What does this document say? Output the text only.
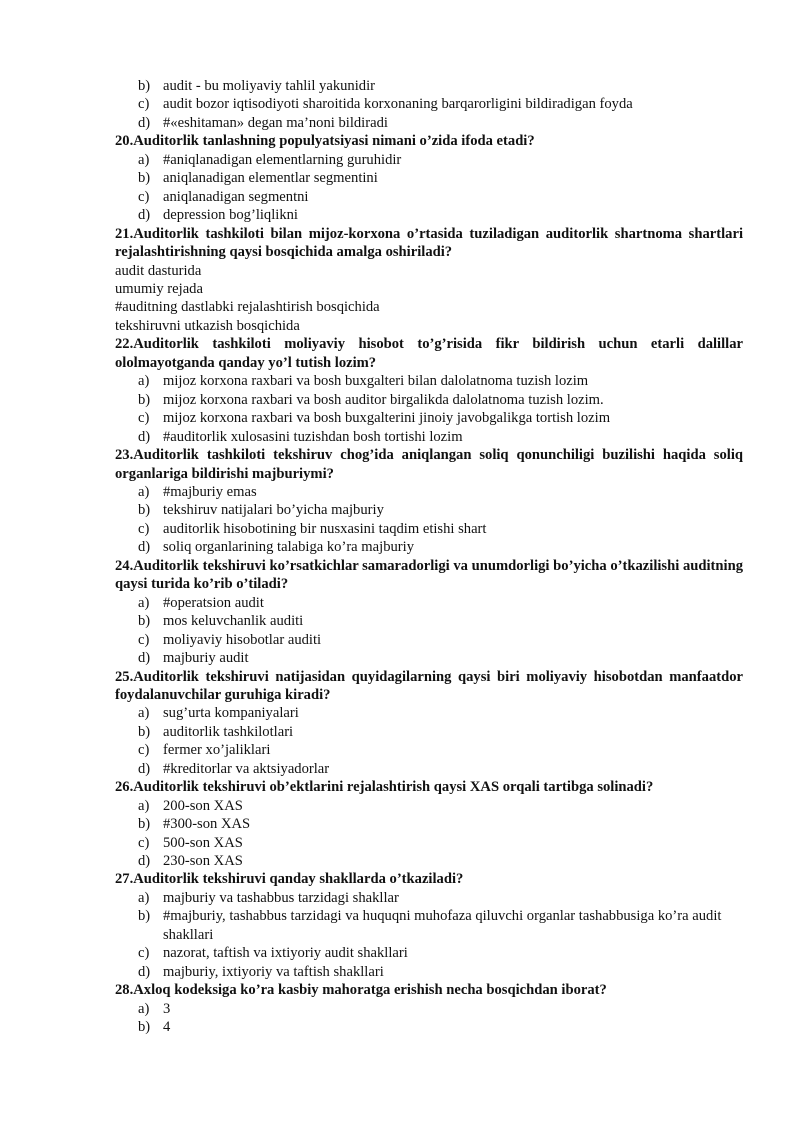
b) audit - bu moliyaviy tahlil yakunidir
c) audit bozor iqtisodiyoti sharoitida korxonaning barqarorligini bildiradigan foyda
d) #«eshitaman» degan ma’noni bildiradi
20.Auditorlik tanlashning populyatsiyasi nimani o’zida ifoda etadi?
a) #aniqlanadigan elementlarning guruhidir
b) aniqlanadigan elementlar segmentini
c) aniqlanadigan segmentni
d) depression bog’liqlikni
21.Auditorlik tashkiloti bilan mijoz-korxona o’rtasida tuziladigan auditorlik shartnoma shartlari rejalashtirishning qaysi bosqichida amalga oshiriladi?
audit dasturida
umumiy rejada
#auditning dastlabki rejalashtirish bosqichida
tekshiruvni utkazish bosqichida
22.Auditorlik tashkiloti moliyaviy hisobot to’g’risida fikr bildirish uchun etarli dalillar ololmayotganda qanday yo’l tutish lozim?
a) mijoz korxona raxbari va bosh buxgalteri bilan dalolatnoma tuzish lozim
b) mijoz korxona raxbari va bosh auditor birgalikda dalolatnoma tuzish lozim.
c) mijoz korxona raxbari va bosh buxgalterini jinoiy javobgalikga tortish lozim
d) #auditorlik xulosasini tuzishdan bosh tortishi lozim
23.Auditorlik tashkiloti tekshiruv chog’ida aniqlangan soliq qonunchiligi buzilishi haqida soliq organlariga bildirishi majburiymi?
a) #majburiy emas
b) tekshiruv natijalari bo’yicha majburiy
c) auditorlik hisobotining bir nusxasini taqdim etishi shart
d) soliq organlarining talabiga ko’ra majburiy
24.Auditorlik tekshiruvi ko’rsatkichlar samaradorligi va unumdorligi bo’yicha o’tkazilishi auditning qaysi turida ko’rib o’tiladi?
a) #operatsion audit
b) mos keluvchanlik auditi
c) moliyaviy hisobotlar auditi
d) majburiy audit
25.Auditorlik tekshiruvi natijasidan quyidagilarning qaysi biri moliyaviy hisobotdan manfaatdor foydalanuvchilar guruhiga kiradi?
a) sug’urta kompaniyalari
b) auditorlik tashkilotlari
c) fermer xo’jaliklari
d) #kreditorlar va aktsiyadorlar
26.Auditorlik tekshiruvi ob’ektlarini rejalashtirish qaysi XAS orqali tartibga solinadi?
a) 200-son XAS
b) #300-son XAS
c) 500-son XAS
d) 230-son XAS
27.Auditorlik tekshiruvi qanday shakllarda o’tkaziladi?
a) majburiy va tashabbus tarzidagi shakllar
b) #majburiy, tashabbus tarzidagi va huquqni muhofaza qiluvchi organlar tashabbusiga ko’ra audit shakllari
c) nazorat, taftish va ixtiyoriy audit shakllari
d) majburiy, ixtiyoriy va taftish shakllari
28.Axloq kodeksiga ko’ra kasbiy mahoratga erishish necha bosqichdan iborat?
a) 3
b) 4
